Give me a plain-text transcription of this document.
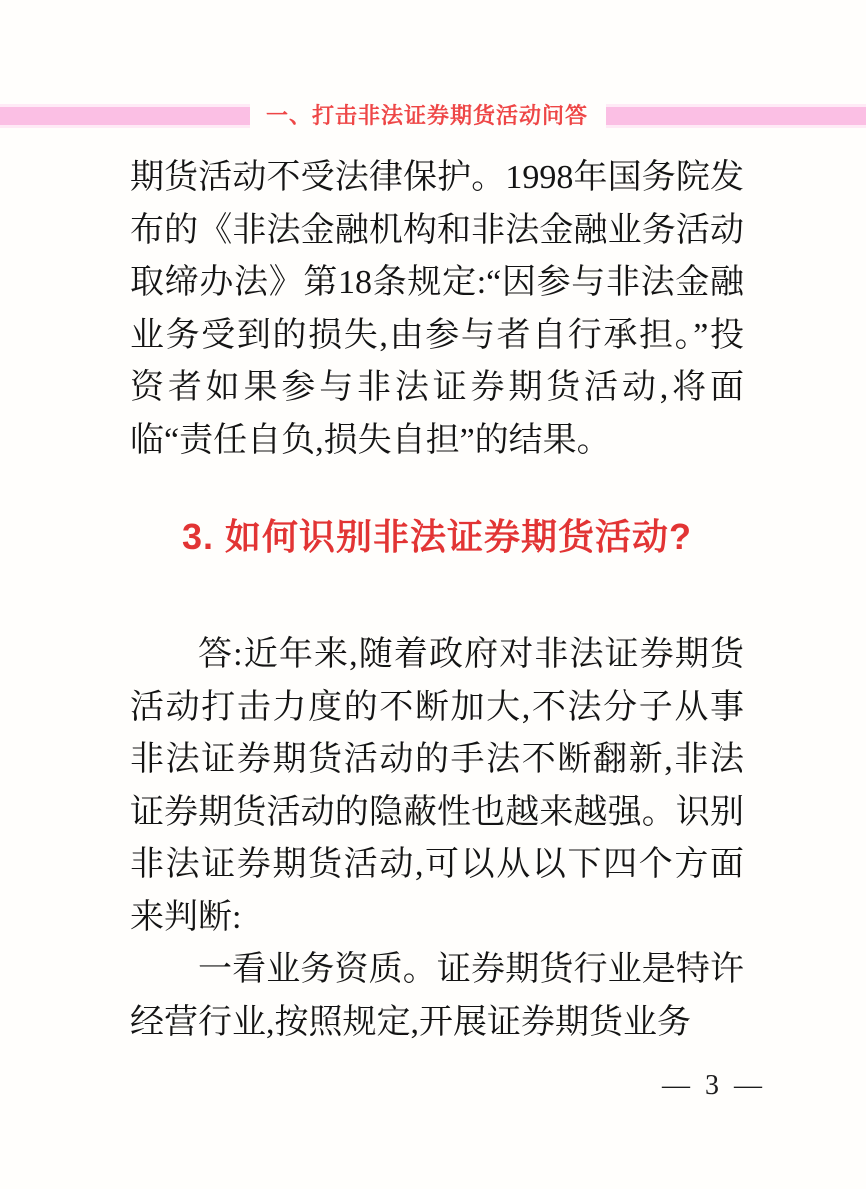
一、打击非法证券期货活动问答

期货活动不受法律保护。1998年国务院发布的《非法金融机构和非法金融业务活动取缔办法》第18条规定:“因参与非法金融业务受到的损失,由参与者自行承担。”投资者如果参与非法证券期货活动,将面临“责任自负,损失自担”的结果。

3. 如何识别非法证券期货活动?

答:近年来,随着政府对非法证券期货活动打击力度的不断加大,不法分子从事非法证券期货活动的手法不断翻新,非法证券期货活动的隐蔽性也越来越强。识别非法证券期货活动,可以从以下四个方面来判断:

一看业务资质。证券期货行业是特许经营行业,按照规定,开展证券期货业务

— 3 —
